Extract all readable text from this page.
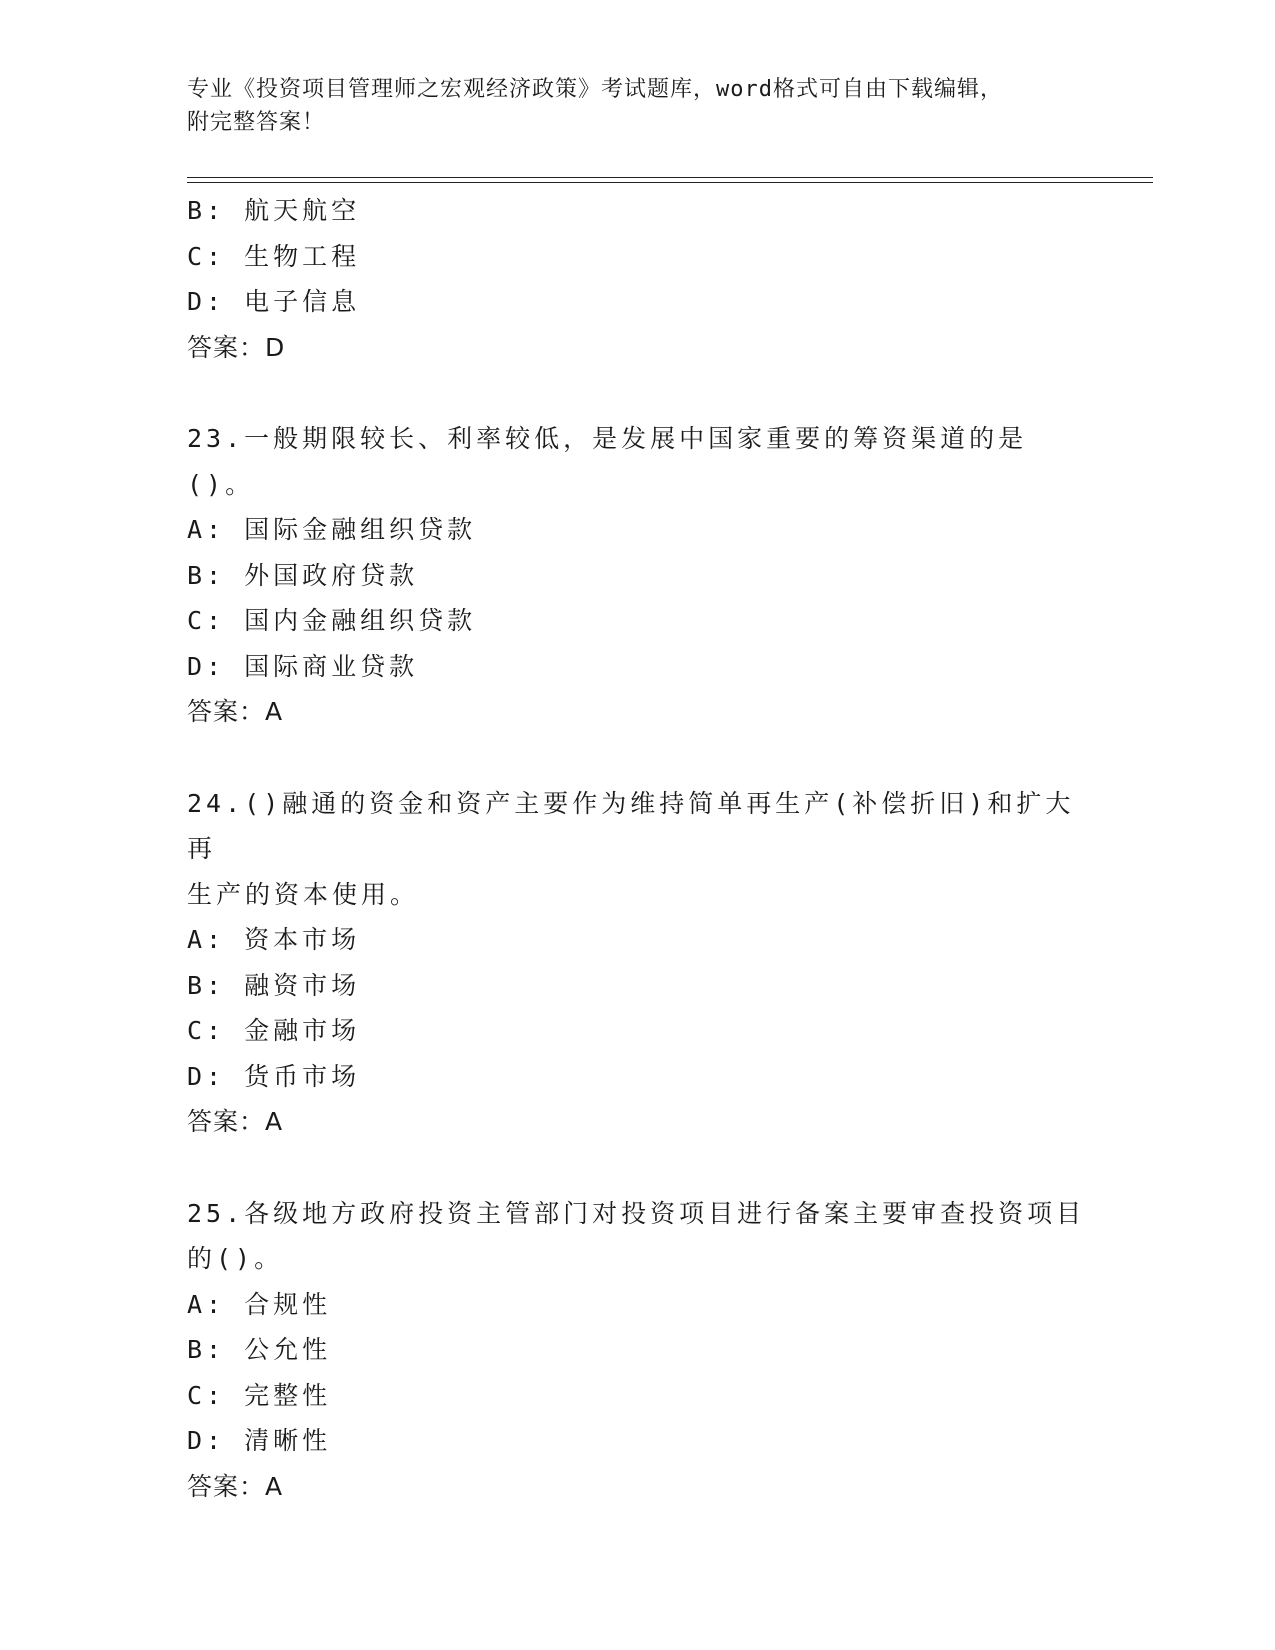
专业《投资项目管理师之宏观经济政策》考试题库，word格式可自由下载编辑，
附完整答案！
B: 航天航空
C: 生物工程
D: 电子信息
答案：D
23.一般期限较长、利率较低，是发展中国家重要的筹资渠道的是()。
A: 国际金融组织贷款
B: 外国政府贷款
C: 国内金融组织贷款
D: 国际商业贷款
答案：A
24.()融通的资金和资产主要作为维持简单再生产(补偿折旧)和扩大再
生产的资本使用。
A: 资本市场
B: 融资市场
C: 金融市场
D: 货币市场
答案：A
25.各级地方政府投资主管部门对投资项目进行备案主要审查投资项目
的()。
A: 合规性
B: 公允性
C: 完整性
D: 清晰性
答案：A
